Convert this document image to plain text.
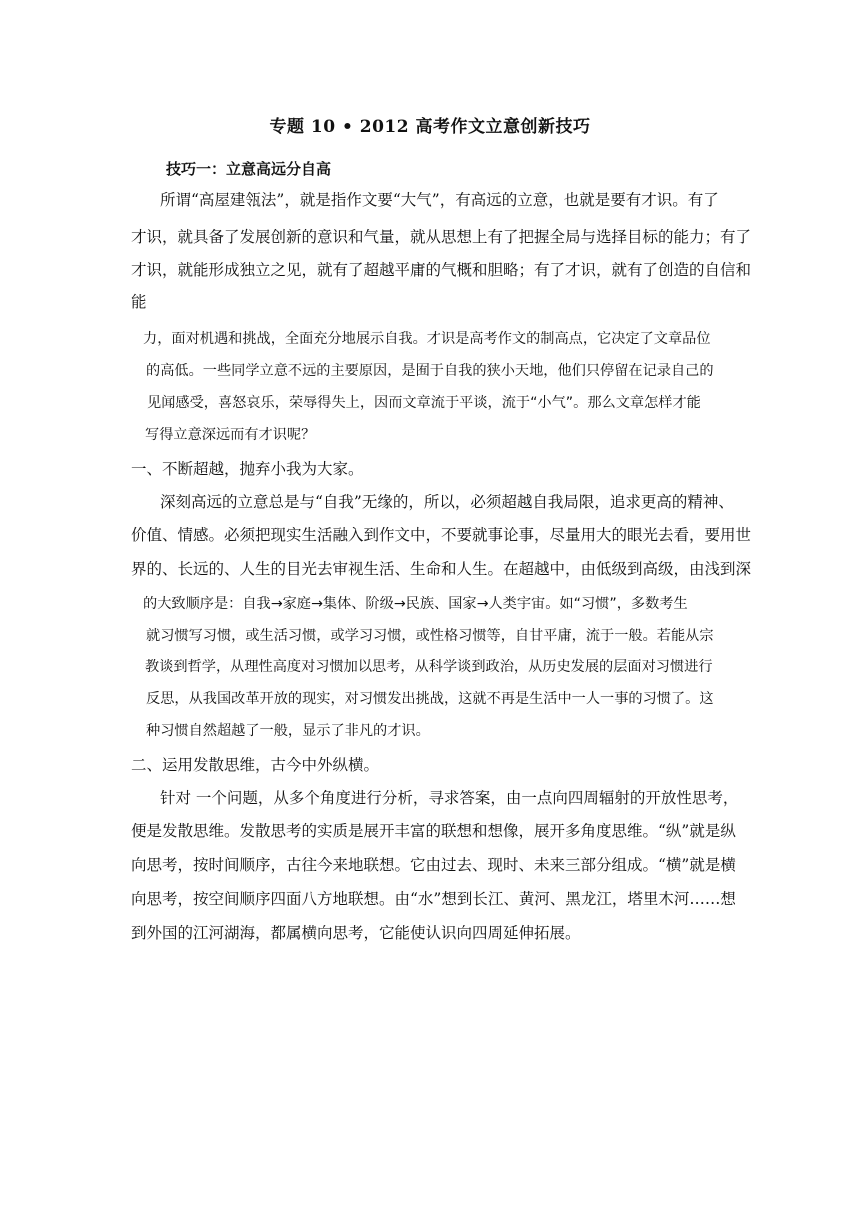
专题 10 • 2012 高考作文立意创新技巧
技巧一：立意高远分自高
所谓“高屋建瓴法”，就是指作文要“大气”，有高远的立意，也就是要有才识。有了
才识，就具备了发展创新的意识和气量，就从思想上有了把握全局与选择目标的能力；有了
才识，就能形成独立之见，就有了超越平庸的气概和胆略；有了才识，就有了创造的自信和
能
力，面对机遇和挑战，全面充分地展示自我。才识是高考作文的制高点，它决定了文章品位
的高低。一些同学立意不远的主要原因，是囿于自我的狭小天地，他们只停留在记录自己的
见闻感受，喜怒哀乐，荣辱得失上，因而文章流于平谈，流于“小气”。那么文章怎样才能
写得立意深远而有才识呢？
一、不断超越，抛弃小我为大家。
深刻高远的立意总是与“自我”无缘的，所以，必须超越自我局限，追求更高的精神、
价值、情感。必须把现实生活融入到作文中，不要就事论事，尽量用大的眼光去看，要用世
界的、长远的、人生的目光去审视生活、生命和人生。在超越中，由低级到高级，由浅到深
的大致顺序是：自我→家庭→集体、阶级→民族、国家→人类宇宙。如“习惯”，多数考生
就习惯写习惯，或生活习惯，或学习习惯，或性格习惯等，自甘平庸，流于一般。若能从宗
教谈到哲学，从理性高度对习惯加以思考，从科学谈到政治，从历史发展的层面对习惯进行
反思，从我国改革开放的现实，对习惯发出挑战，这就不再是生活中一人一事的习惯了。这
种习惯自然超越了一般，显示了非凡的才识。
二、运用发散思维，古今中外纵横。
针对 一个问题，从多个角度进行分析，寻求答案，由一点向四周辐射的开放性思考，
便是发散思维。发散思考的实质是展开丰富的联想和想像，展开多角度思维。“纵”就是纵
向思考，按时间顺序，古往今来地联想。它由过去、现时、未来三部分组成。“横”就是横
向思考，按空间顺序四面八方地联想。由“水”想到长江、黄河、黑龙江，塔里木河……想
到外国的江河湖海，都属横向思考，它能使认识向四周延伸拓展。
